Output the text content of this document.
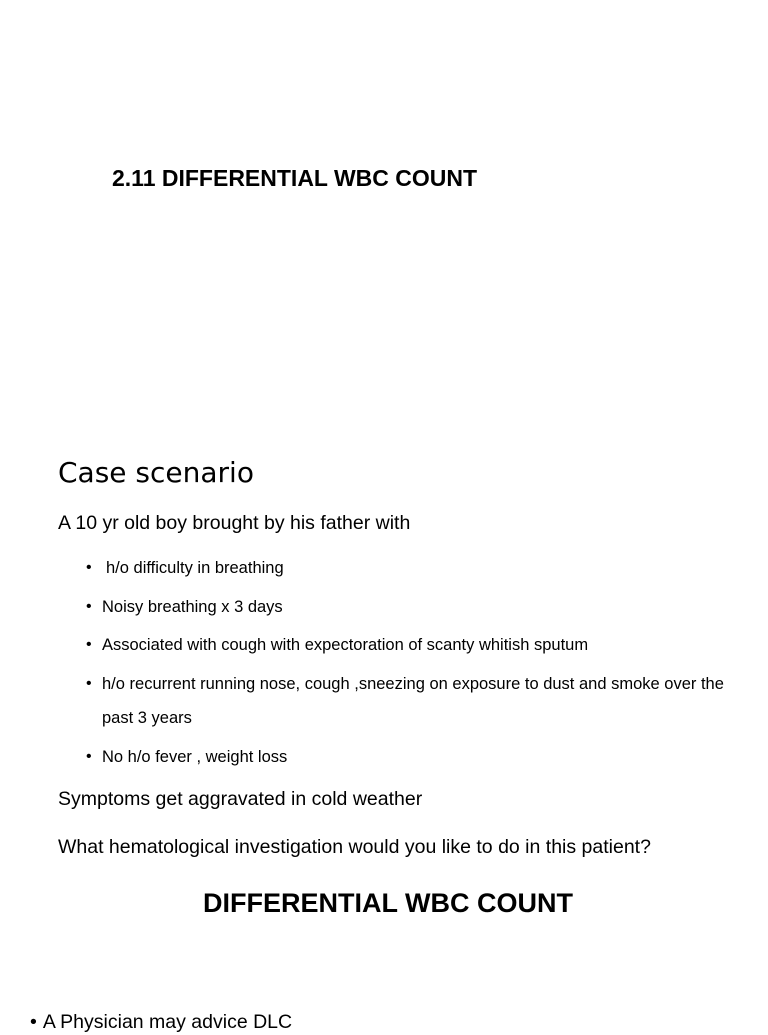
2.11 DIFFERENTIAL WBC COUNT
Case scenario
A 10 yr old boy brought by his father with
• h/o difficulty in breathing
• Noisy breathing x 3 days
• Associated with cough with expectoration of scanty whitish sputum
• h/o recurrent running nose, cough ,sneezing on exposure to dust and smoke over the past 3 years
• No h/o fever , weight loss
Symptoms get aggravated in cold weather
What hematological investigation would you like to do in this patient?
DIFFERENTIAL WBC COUNT
• A Physician may advice DLC
